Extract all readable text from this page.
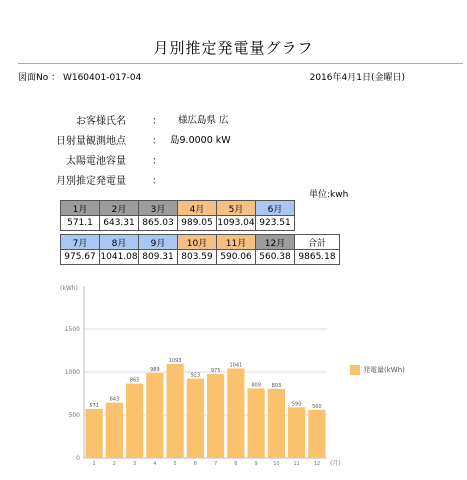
月別推定発電量グラフ
図面No ： W160401-017-04	2016年4月1日(金曜日)
お客様氏名	： 様広島県 広
日射量観測地点	： 島9.0000 kW
太陽電池容量	：
月別推定発電量	：
単位:kwh
1月	2月	3月	4月	5月	6月
571.1	643.31	865.03	989.05	1093.04	923.51
7月	8月	9月	10月	11月	12月	合計
975.67	1041.08	809.31	803.59	590.06	560.38	9865.18
(kWh)
(月)
0
500
1000
1500
571
1
643
2
865
3
989
4
1093
5
923
6
975
7
1041
8
809
9
803
10
590
11
560
12
発電量(kWh)
